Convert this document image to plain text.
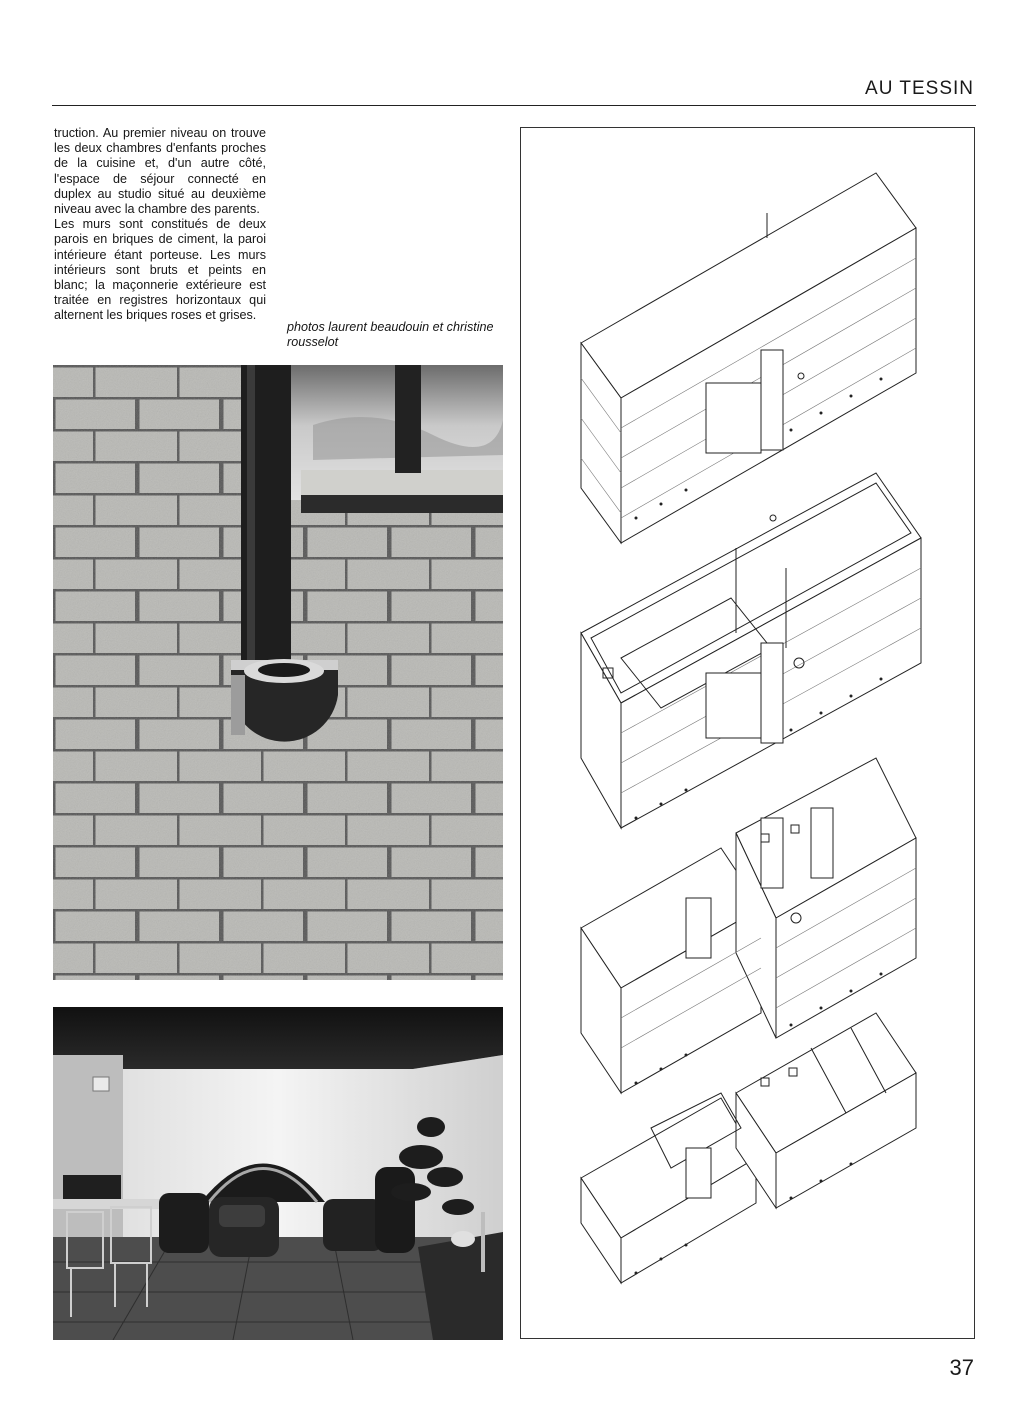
AU TESSIN

truction. Au premier niveau on trouve les deux chambres d'enfants proches de la cuisine et, d'un autre côté, l'espace de séjour connecté en duplex au studio situé au deuxième niveau avec la chambre des parents.

Les murs sont constitués de deux parois en briques de ciment, la paroi intérieure étant porteuse. Les murs intérieurs sont bruts et peints en blanc; la maçonnerie extérieure est traitée en registres horizontaux qui alternent les briques roses et grises.

photos laurent beaudouin et christine rousselot
37
